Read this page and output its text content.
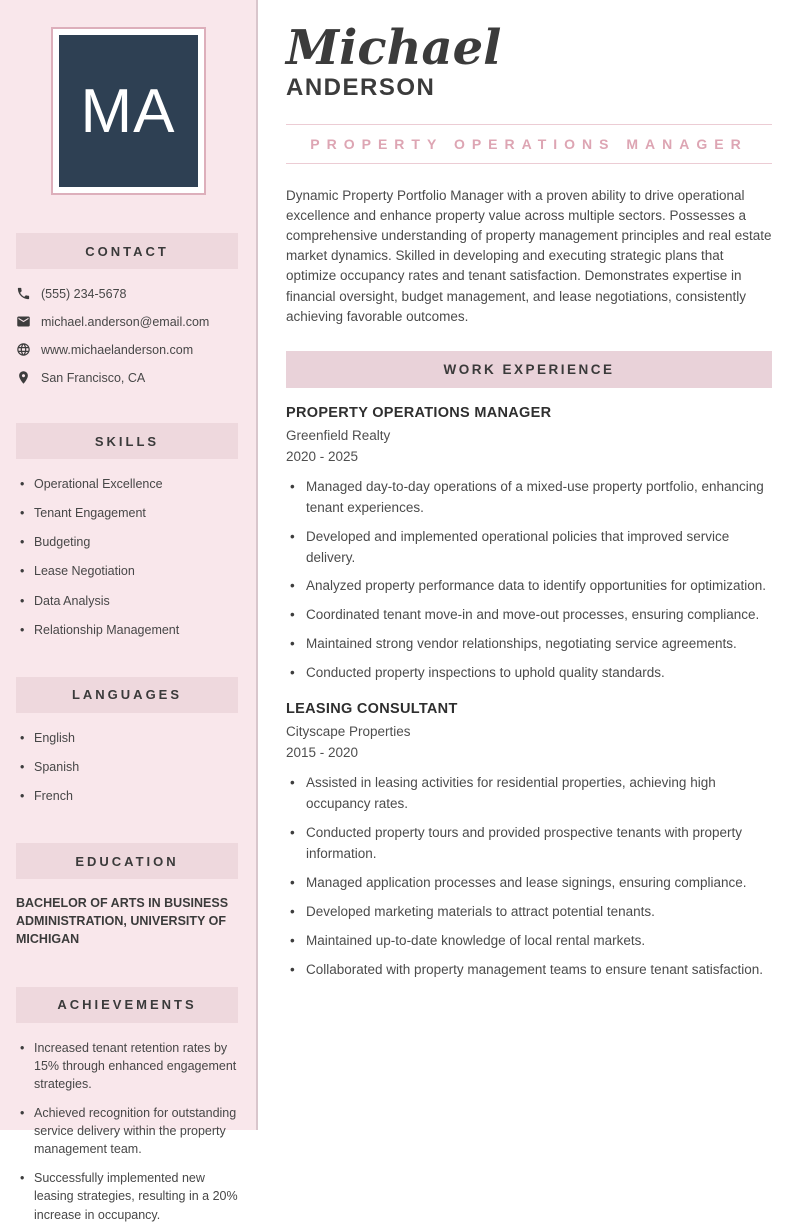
MA
CONTACT
(555) 234-5678
michael.anderson@email.com
www.michaelanderson.com
San Francisco, CA
SKILLS
• Operational Excellence
• Tenant Engagement
• Budgeting
• Lease Negotiation
• Data Analysis
• Relationship Management
LANGUAGES
• English
• Spanish
• French
EDUCATION
BACHELOR OF ARTS IN BUSINESS ADMINISTRATION, UNIVERSITY OF MICHIGAN
ACHIEVEMENTS
• Increased tenant retention rates by 15% through enhanced engagement strategies.
• Achieved recognition for outstanding service delivery within the property management team.
• Successfully implemented new leasing strategies, resulting in a 20% increase in occupancy.
Michael
ANDERSON
PROPERTY OPERATIONS MANAGER

Dynamic Property Portfolio Manager with a proven ability to drive operational excellence and enhance property value across multiple sectors. Possesses a comprehensive understanding of property management principles and real estate market dynamics. Skilled in developing and executing strategic plans that optimize occupancy rates and tenant satisfaction. Demonstrates expertise in financial oversight, budget management, and lease negotiations, consistently achieving favorable outcomes.

WORK EXPERIENCE
PROPERTY OPERATIONS MANAGER
Greenfield Realty
2020 - 2025
• Managed day-to-day operations of a mixed-use property portfolio, enhancing tenant experiences.
• Developed and implemented operational policies that improved service delivery.
• Analyzed property performance data to identify opportunities for optimization.
• Coordinated tenant move-in and move-out processes, ensuring compliance.
• Maintained strong vendor relationships, negotiating service agreements.
• Conducted property inspections to uphold quality standards.
LEASING CONSULTANT
Cityscape Properties
2015 - 2020
• Assisted in leasing activities for residential properties, achieving high occupancy rates.
• Conducted property tours and provided prospective tenants with property information.
• Managed application processes and lease signings, ensuring compliance.
• Developed marketing materials to attract potential tenants.
• Maintained up-to-date knowledge of local rental markets.
• Collaborated with property management teams to ensure tenant satisfaction.
